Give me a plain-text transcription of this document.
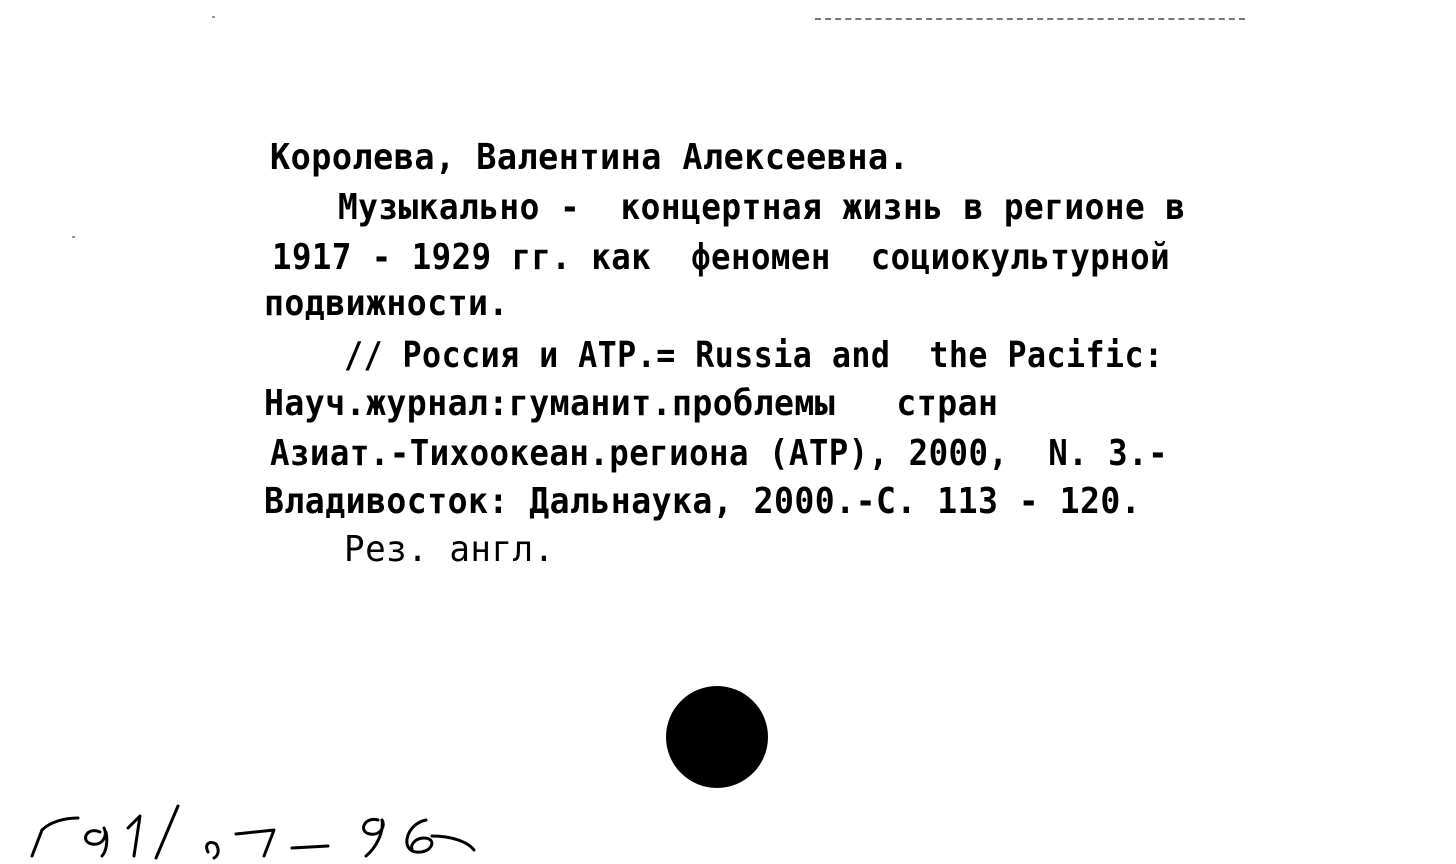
Королева, Валентина Алексеевна.
Музыкально -  концертная жизнь в регионе в
1917 - 1929 гг. как  феномен  социокультурной
подвижности.
// Россия и АТР.= Russia and  the Pacific:
Науч.журнал:гуманит.проблемы   стран
Азиат.-Тихоокеан.региона (АТР), 2000,  N. 3.-
Владивосток: Дальнаука, 2000.-С. 113 - 120.
Рез. англ.
